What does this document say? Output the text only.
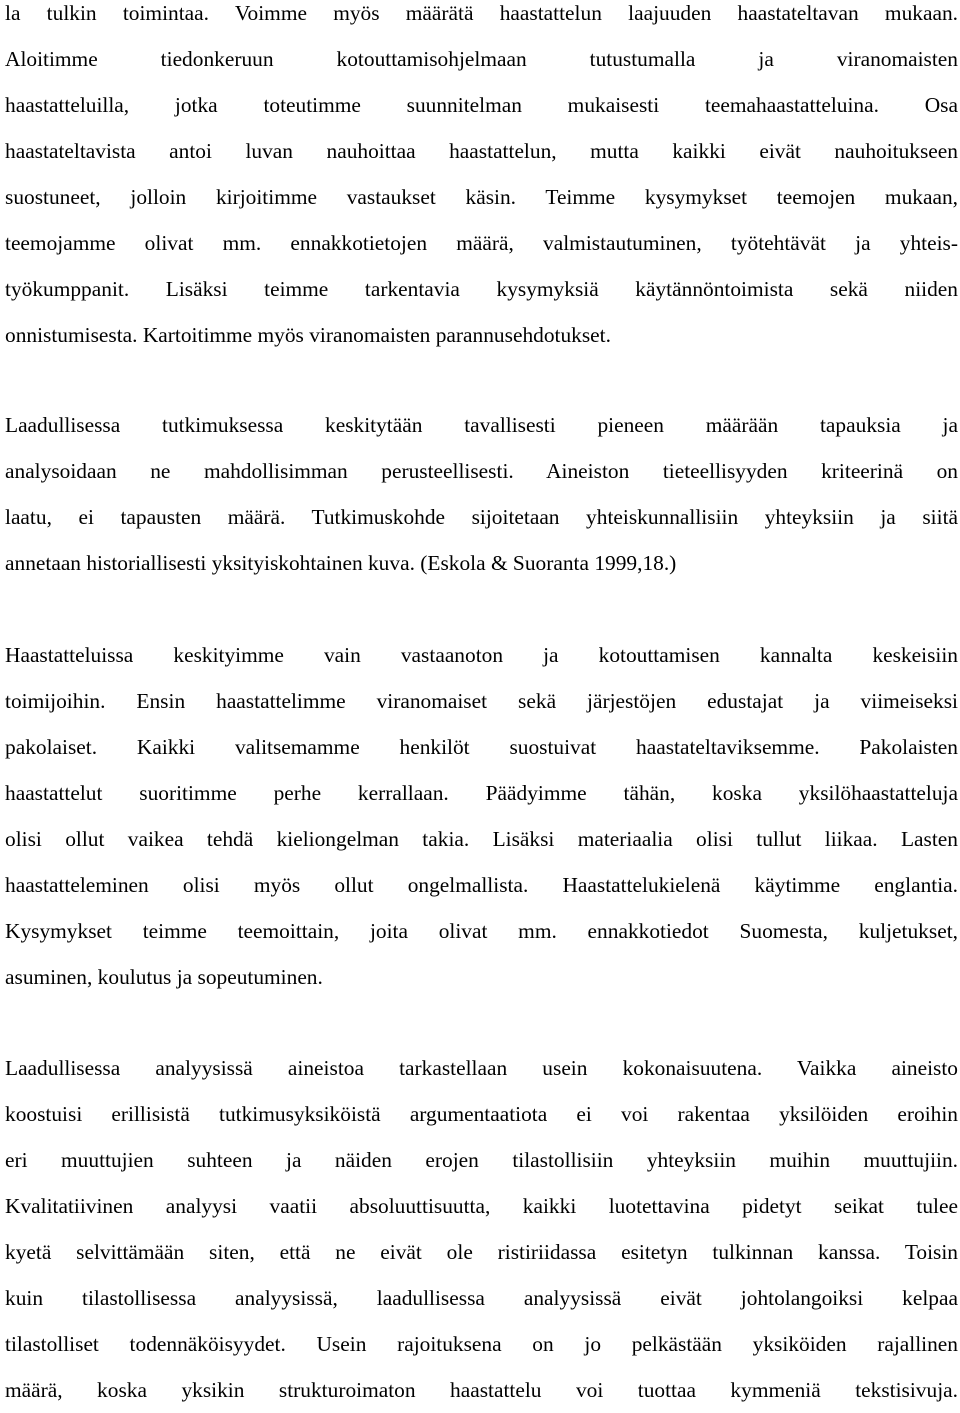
la tulkin toimintaa. Voimme myös määrätä haastattelun laajuuden haastateltavan mukaan.
Aloitimme tiedonkeruun kotouttamisohjelmaan tutustumalla ja viranomaisten
haastatteluilla, jotka toteutimme suunnitelman mukaisesti teemahaastatteluina. Osa
haastateltavista antoi luvan nauhoittaa haastattelun, mutta kaikki eivät nauhoitukseen
suostuneet, jolloin kirjoitimme vastaukset käsin. Teimme kysymykset teemojen mukaan,
teemojamme olivat mm. ennakkotietojen määrä, valmistautuminen, työtehtävät ja yhteis-
työkumppanit. Lisäksi teimme tarkentavia kysymyksiä käytännöntoimista sekä niiden
onnistumisesta. Kartoitimme myös viranomaisten parannusehdotukset.
Laadullisessa tutkimuksessa keskitytään tavallisesti pieneen määrään tapauksia ja
analysoidaan ne mahdollisimman perusteellisesti. Aineiston tieteellisyyden kriteerinä on
laatu, ei tapausten määrä. Tutkimuskohde sijoitetaan yhteiskunnallisiin yhteyksiin ja siitä
annetaan historiallisesti yksityiskohtainen kuva. (Eskola & Suoranta 1999,18.)
Haastatteluissa keskityimme vain vastaanoton ja kotouttamisen kannalta keskeisiin
toimijoihin. Ensin haastattelimme viranomaiset sekä järjestöjen edustajat ja viimeiseksi
pakolaiset. Kaikki valitsemamme henkilöt suostuivat haastateltaviksemme. Pakolaisten
haastattelut suoritimme perhe kerrallaan. Päädyimme tähän, koska yksilöhaastatteluja
olisi ollut vaikea tehdä kieliongelman takia. Lisäksi materiaalia olisi tullut liikaa. Lasten
haastatteleminen olisi myös ollut ongelmallista. Haastattelukielenä käytimme englantia.
Kysymykset teimme teemoittain, joita olivat mm. ennakkotiedot Suomesta, kuljetukset,
asuminen, koulutus ja sopeutuminen.
Laadullisessa analyysissä aineistoa tarkastellaan usein kokonaisuutena. Vaikka aineisto
koostuisi erillisistä tutkimusyksiköistä argumentaatiota ei voi rakentaa yksilöiden eroihin
eri muuttujien suhteen ja näiden erojen tilastollisiin yhteyksiin muihin muuttujiin.
Kvalitatiivinen analyysi vaatii absoluuttisuutta, kaikki luotettavina pidetyt seikat tulee
kyetä selvittämään siten, että ne eivät ole ristiriidassa esitetyn tulkinnan kanssa. Toisin
kuin tilastollisessa analyysissä, laadullisessa analyysissä eivät johtolangoiksi kelpaa
tilastolliset todennäköisyydet. Usein rajoituksena on jo pelkästään yksiköiden rajallinen
määrä, koska yksikin strukturoimaton haastattelu voi tuottaa kymmeniä tekstisivuja.
